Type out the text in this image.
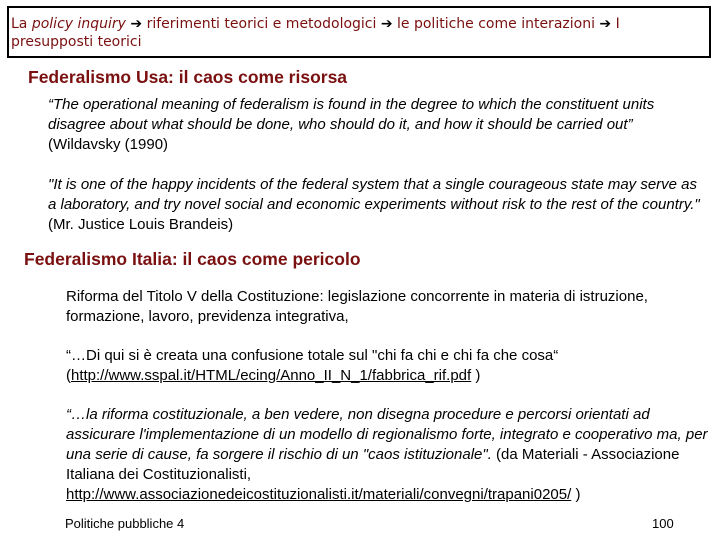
La policy inquiry ➔ riferimenti teorici e metodologici ➔ le politiche come interazioni ➔ I
presupposti teorici
Federalismo Usa: il caos come risorsa
“The operational meaning of federalism is found in the degree to which the constituent units disagree about what should be done, who should do it, and how it should be carried out” (Wildavsky (1990)
"It is one of the happy incidents of the federal system that a single courageous state may serve as a laboratory, and try novel social and economic experiments without risk to the rest of the country." (Mr. Justice Louis Brandeis)
Federalismo Italia: il caos come pericolo
Riforma del Titolo V della Costituzione: legislazione concorrente in materia di istruzione, formazione, lavoro, previdenza integrativa,
“…Di qui si è creata una confusione totale sul "chi fa chi e chi fa che cosa“
(http://www.sspal.it/HTML/ecing/Anno_II_N_1/fabbrica_rif.pdf )
“…la riforma costituzionale, a ben vedere, non disegna procedure e percorsi orientati ad assicurare l'implementazione di un modello di regionalismo forte, integrato e cooperativo ma, per una serie di cause, fa sorgere il rischio di un "caos istituzionale". (da Materiali - Associazione Italiana dei Costituzionalisti, http://www.associazionedeicostituzionalisti.it/materiali/convegni/trapani0205/ )
Politiche pubbliche 4	100
